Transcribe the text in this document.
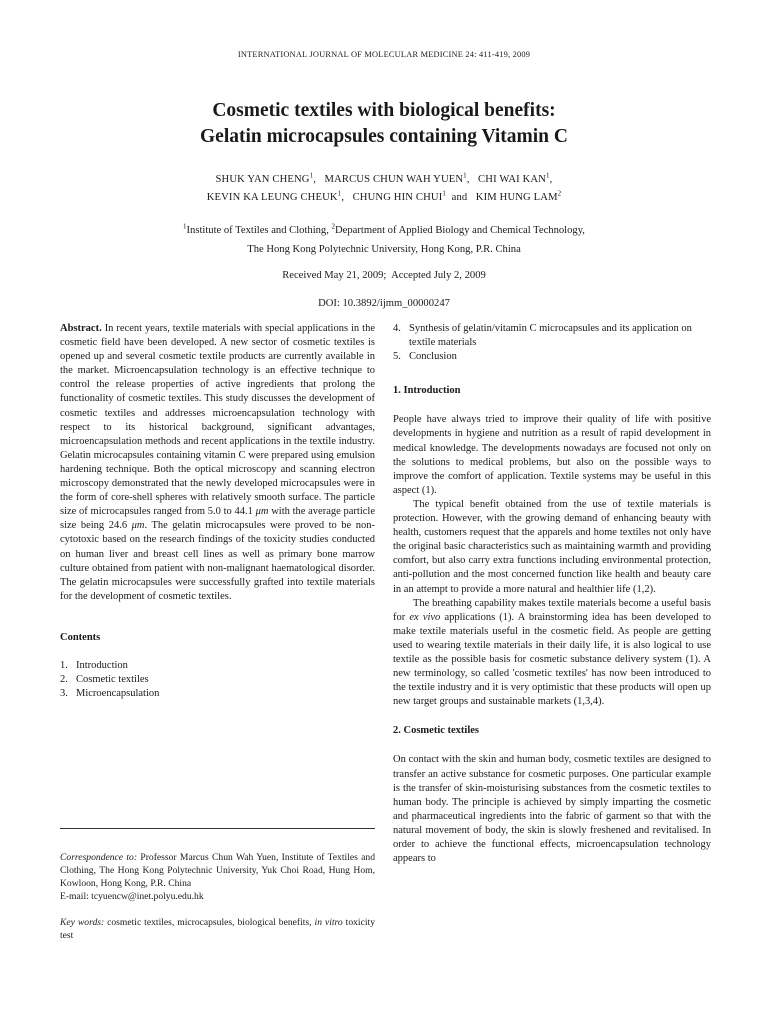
INTERNATIONAL JOURNAL OF MOLECULAR MEDICINE 24: 411-419, 2009
Cosmetic textiles with biological benefits:
Gelatin microcapsules containing Vitamin C
SHUK YAN CHENG$^1$,   MARCUS CHUN WAH YUEN$^1$,   CHI WAI KAN$^1$,
KEVIN KA LEUNG CHEUK$^1$,   CHUNG HIN CHUI$^1$  and   KIM HUNG LAM$^2$
$^1$Institute of Textiles and Clothing, $^2$Department of Applied Biology and Chemical Technology,
The Hong Kong Polytechnic University, Hong Kong, P.R. China
Received May 21, 2009;  Accepted July 2, 2009
DOI: 10.3892/ijmm_00000247

Abstract. In recent years, textile materials with special applications in the cosmetic field have been developed. A new sector of cosmetic textiles is opened up and several cosmetic textile products are currently available in the market. Microencapsulation technology is an effective technique to control the release properties of active ingredients that prolong the functionality of cosmetic textiles. This study discusses the development of cosmetic textiles and addresses microencapsulation technology with respect to its historical background, significant advantages, microencapsulation methods and recent applications in the textile industry. Gelatin microcapsules containing vitamin C were prepared using emulsion hardening technique. Both the optical microscopy and scanning electron microscopy demonstrated that the newly developed microcapsules were in the form of core-shell spheres with relatively smooth surface. The particle size of microcapsules ranged from 5.0 to 44.1 μm with the average particle size being 24.6 μm. The gelatin microcapsules were proved to be non-cytotoxic based on the research findings of the toxicity studies conducted on human liver and breast cell lines as well as primary bone marrow culture obtained from patient with non-malignant haematological disorder. The gelatin microcapsules were successfully grafted into textile materials for the development of cosmetic textiles.

Contents

1. Introduction
2. Cosmetic textiles
3. Microencapsulation
Correspondence to: Professor Marcus Chun Wah Yuen, Institute of Textiles and Clothing, The Hong Kong Polytechnic University, Yuk Choi Road, Hung Hom, Kowloon, Hong Kong, P.R. China
E-mail: tcyuencw@inet.polyu.edu.hk
Key words: cosmetic textiles, microcapsules, biological benefits, in vitro toxicity test
4. Synthesis of gelatin/vitamin C microcapsules and its application on textile materials
5. Conclusion

1. Introduction

People have always tried to improve their quality of life with positive developments in hygiene and nutrition as a result of rapid development in medical knowledge. The developments nowadays are focused not only on the solutions to medical problems, but also on the possible ways to improve the comfort of application. Textile systems may be useful in this aspect (1).

The typical benefit obtained from the use of textile materials is protection. However, with the growing demand of enhancing beauty with health, customers request that the apparels and home textiles not only have the original basic characteristics such as maintaining warmth and providing comfort, but also carry extra functions including environmental protection, anti-pollution and the most concerned function like health and beauty care in an attempt to provide a more natural and healthier life (1,2).

The breathing capability makes textile materials become a useful basis for ex vivo applications (1). A brainstorming idea has been developed to make textile materials useful in the cosmetic field. As people are getting used to wearing textile materials in their daily life, it is also logical to use textile as the possible basis for cosmetic substance delivery system (1). A new terminology, so called 'cosmetic textiles' has now been introduced to the textile industry and it is very optimistic that these products will open up new target groups and sustainable markets (1,3,4).

2. Cosmetic textiles

On contact with the skin and human body, cosmetic textiles are designed to transfer an active substance for cosmetic purposes. One particular example is the transfer of skin-moisturising substances from the cosmetic textiles to human body. The principle is achieved by simply imparting the cosmetic and pharmaceutical ingredients into the fabric of garment so that with the natural movement of body, the skin is slowly freshened and revitalised. In order to achieve the functional effects, microencapsulation technology appears to
